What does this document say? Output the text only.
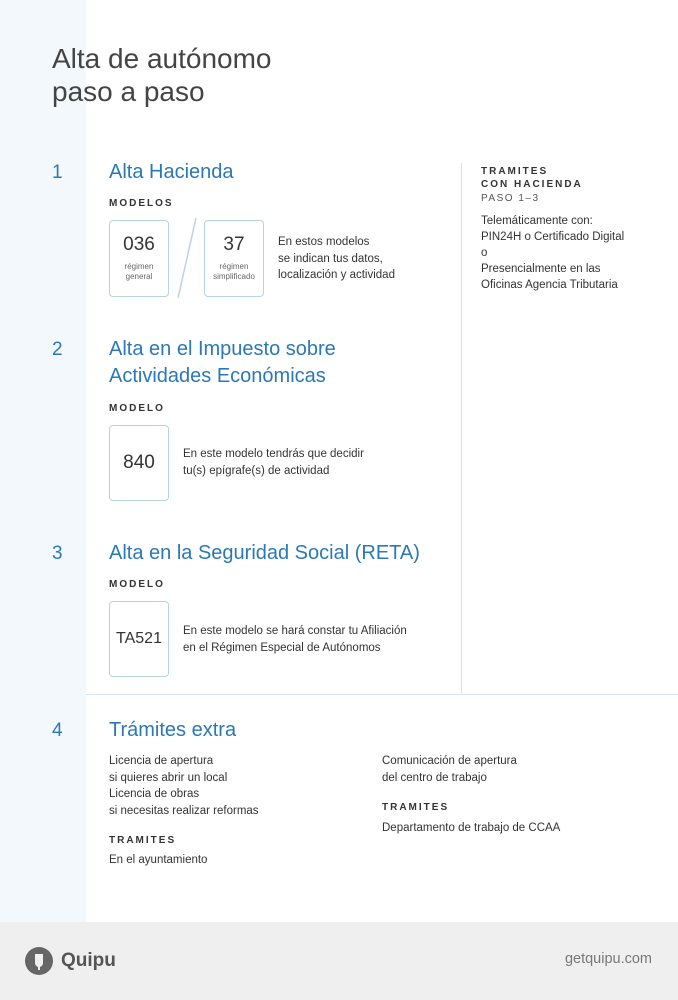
Alta de autónomo
paso a paso
1 Alta Hacienda
MODELOS
036
régimen
general
37
régimen
simplificado
En estos modelos
se indican tus datos,
localización y actividad
2 Alta en el Impuesto sobre
Actividades Económicas
MODELO
840	En este modelo tendrás que decidir
tu(s) epígrafe(s) de actividad
3 Alta en la Seguridad Social (RETA)
MODELO
TA521	En este modelo se hará constar tu Afiliación
en el Régimen Especial de Autónomos
TRAMITES
CON HACIENDA
PASO 1–3
Telemáticamente con:
PIN24H o Certificado Digital
o
Presencialmente en las
Oficinas Agencia Tributaria
4 Trámites extra
Licencia de apertura
si quieres abrir un local
Licencia de obras
si necesitas realizar reformas
TRAMITES
En el ayuntamiento
Comunicación de apertura
del centro de trabajo
TRAMITES
Departamento de trabajo de CCAA
Quipu	getquipu.com
